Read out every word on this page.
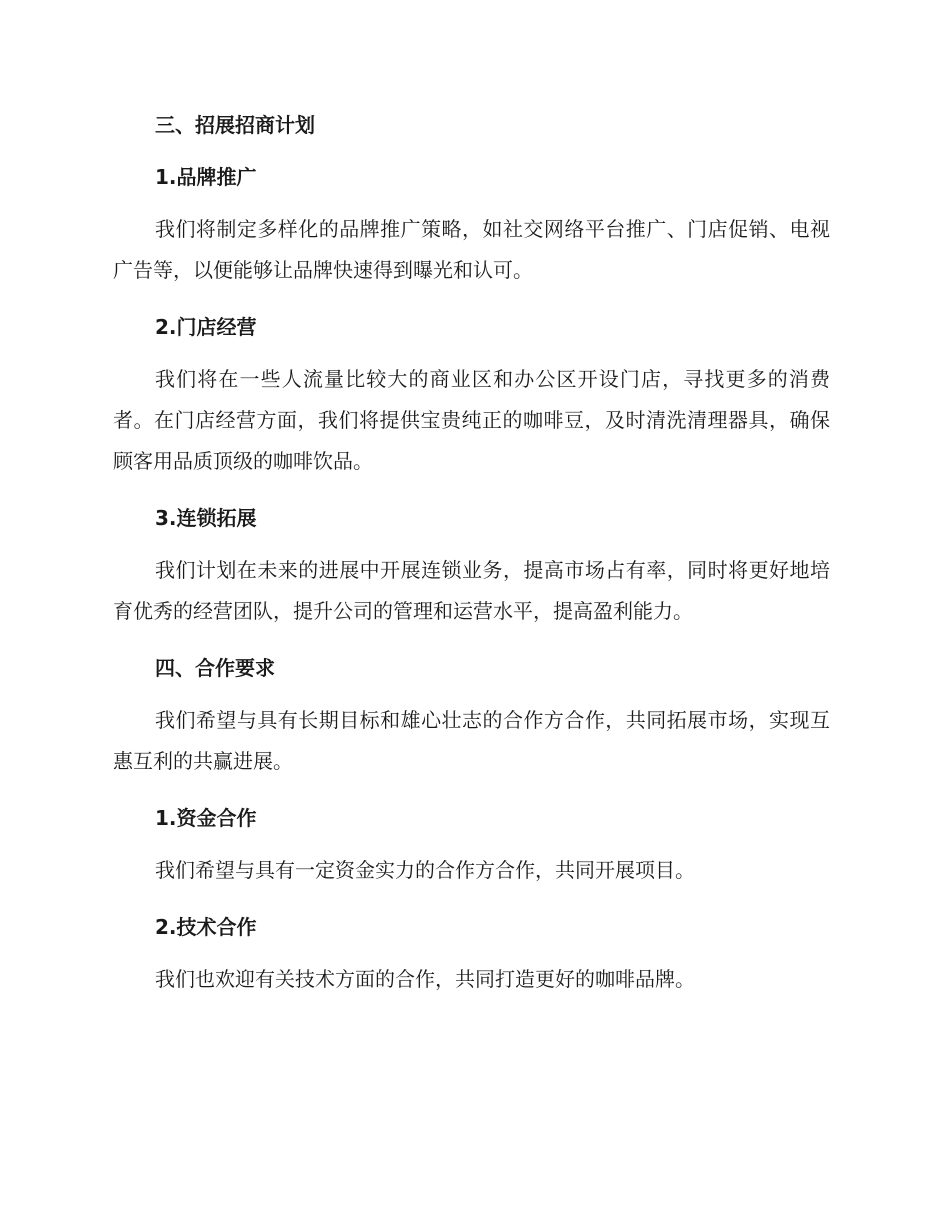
三、招展招商计划
1.品牌推广

我们将制定多样化的品牌推广策略，如社交网络平台推广、门店促销、电视广告等，以便能够让品牌快速得到曝光和认可。

2.门店经营

我们将在一些人流量比较大的商业区和办公区开设门店，寻找更多的消费者。在门店经营方面，我们将提供宝贵纯正的咖啡豆，及时清洗清理器具，确保顾客用品质顶级的咖啡饮品。

3.连锁拓展

我们计划在未来的进展中开展连锁业务，提高市场占有率，同时将更好地培育优秀的经营团队，提升公司的管理和运营水平，提高盈利能力。

四、合作要求

我们希望与具有长期目标和雄心壮志的合作方合作，共同拓展市场，实现互惠互利的共赢进展。

1.资金合作

我们希望与具有一定资金实力的合作方合作，共同开展项目。

2.技术合作

我们也欢迎有关技术方面的合作，共同打造更好的咖啡品牌。
